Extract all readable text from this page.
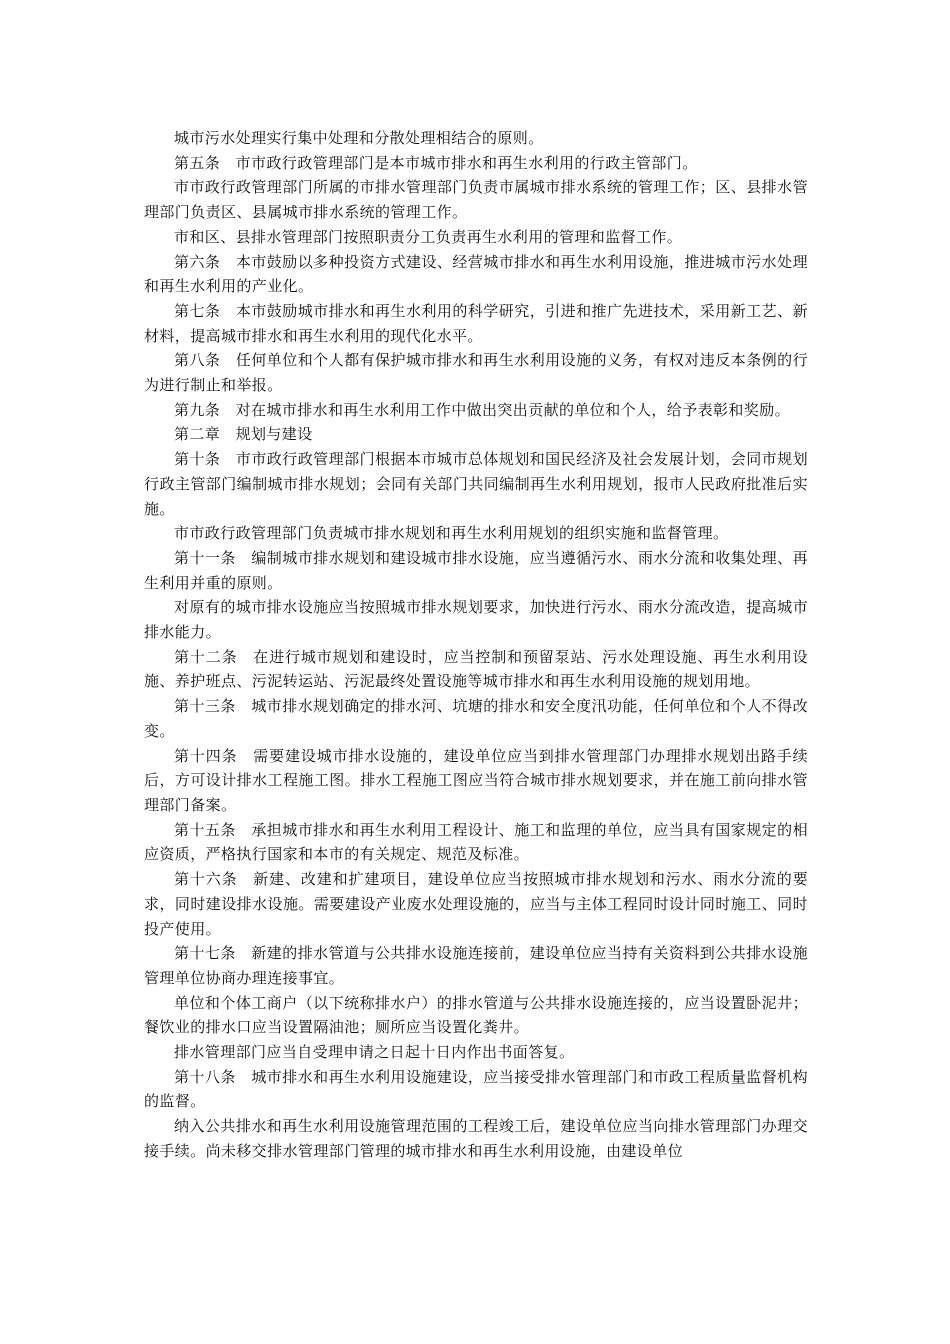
城市污水处理实行集中处理和分散处理相结合的原则。

第五条　市市政行政管理部门是本市城市排水和再生水利用的行政主管部门。

市市政行政管理部门所属的市排水管理部门负责市属城市排水系统的管理工作；区、县排水管理部门负责区、县属城市排水系统的管理工作。

市和区、县排水管理部门按照职责分工负责再生水利用的管理和监督工作。

第六条　本市鼓励以多种投资方式建设、经营城市排水和再生水利用设施，推进城市污水处理和再生水利用的产业化。

第七条　本市鼓励城市排水和再生水利用的科学研究，引进和推广先进技术，采用新工艺、新材料，提高城市排水和再生水利用的现代化水平。

第八条　任何单位和个人都有保护城市排水和再生水利用设施的义务，有权对违反本条例的行为进行制止和举报。

第九条　对在城市排水和再生水利用工作中做出突出贡献的单位和个人，给予表彰和奖励。

第二章　规划与建设

第十条　市市政行政管理部门根据本市城市总体规划和国民经济及社会发展计划，会同市规划行政主管部门编制城市排水规划；会同有关部门共同编制再生水利用规划，报市人民政府批准后实施。

市市政行政管理部门负责城市排水规划和再生水利用规划的组织实施和监督管理。

第十一条　编制城市排水规划和建设城市排水设施，应当遵循污水、雨水分流和收集处理、再生利用并重的原则。

对原有的城市排水设施应当按照城市排水规划要求，加快进行污水、雨水分流改造，提高城市排水能力。

第十二条　在进行城市规划和建设时，应当控制和预留泵站、污水处理设施、再生水利用设施、养护班点、污泥转运站、污泥最终处置设施等城市排水和再生水利用设施的规划用地。

第十三条　城市排水规划确定的排水河、坑塘的排水和安全度汛功能，任何单位和个人不得改变。

第十四条　需要建设城市排水设施的，建设单位应当到排水管理部门办理排水规划出路手续后，方可设计排水工程施工图。排水工程施工图应当符合城市排水规划要求，并在施工前向排水管理部门备案。

第十五条　承担城市排水和再生水利用工程设计、施工和监理的单位，应当具有国家规定的相应资质，严格执行国家和本市的有关规定、规范及标准。

第十六条　新建、改建和扩建项目，建设单位应当按照城市排水规划和污水、雨水分流的要求，同时建设排水设施。需要建设产业废水处理设施的，应当与主体工程同时设计同时施工、同时投产使用。

第十七条　新建的排水管道与公共排水设施连接前，建设单位应当持有关资料到公共排水设施管理单位协商办理连接事宜。

单位和个体工商户（以下统称排水户）的排水管道与公共排水设施连接的，应当设置卧泥井；餐饮业的排水口应当设置隔油池；厕所应当设置化粪井。

排水管理部门应当自受理申请之日起十日内作出书面答复。

第十八条　城市排水和再生水利用设施建设，应当接受排水管理部门和市政工程质量监督机构的监督。

纳入公共排水和再生水利用设施管理范围的工程竣工后，建设单位应当向排水管理部门办理交接手续。尚未移交排水管理部门管理的城市排水和再生水利用设施，由建设单位
